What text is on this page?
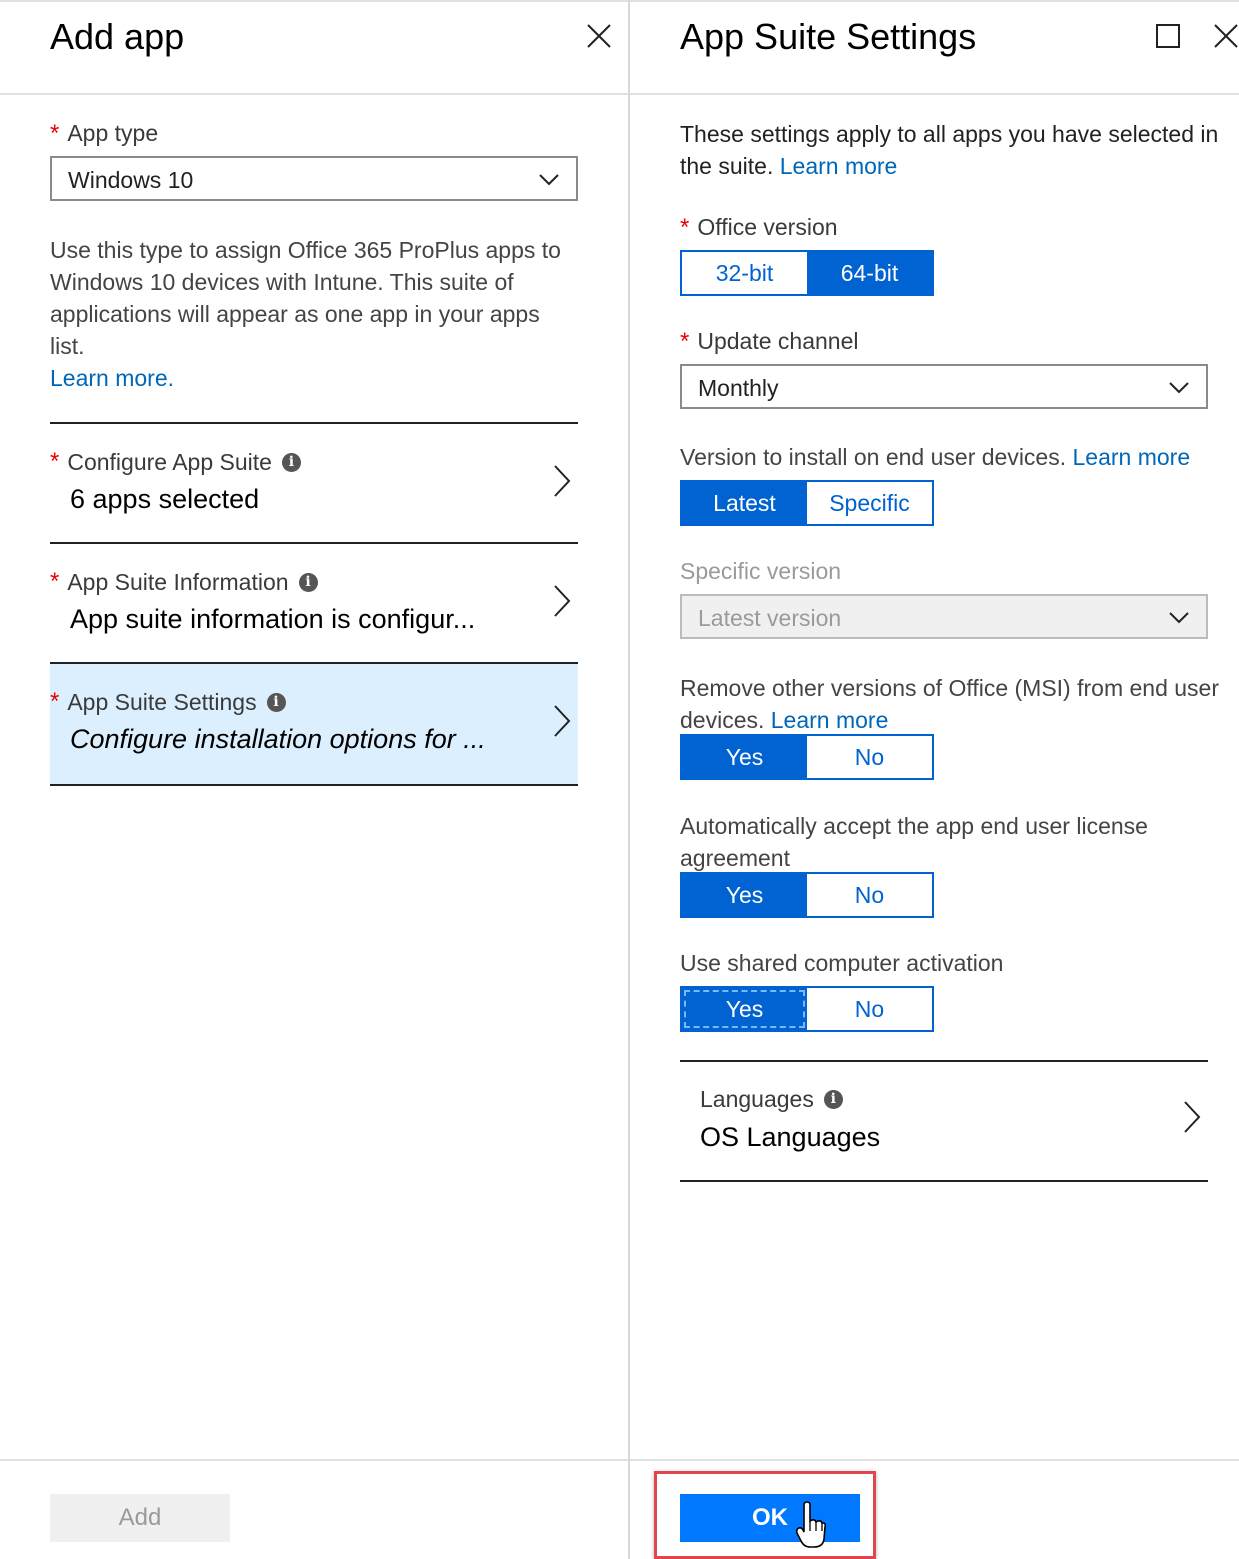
Add app
* App type
Windows 10
Use this type to assign Office 365 ProPlus apps to Windows 10 devices with Intune. This suite of applications will appear as one app in your apps list.
Learn more.
* Configure App Suite	i
6 apps selected
* App Suite Information	i
App suite information is configur...
* App Suite Settings	i
Configure installation options for ...
Add
App Suite Settings
These settings apply to all apps you have selected in the suite. Learn more
* Office version
32-bit	64-bit
* Update channel
Monthly
Version to install on end user devices. Learn more
Latest	Specific
Specific version
Latest version
Remove other versions of Office (MSI) from end user devices. Learn more
Yes	No
Automatically accept the app end user license agreement
Yes	No
Use shared computer activation
Yes	No
Languages	i
OS Languages
OK
